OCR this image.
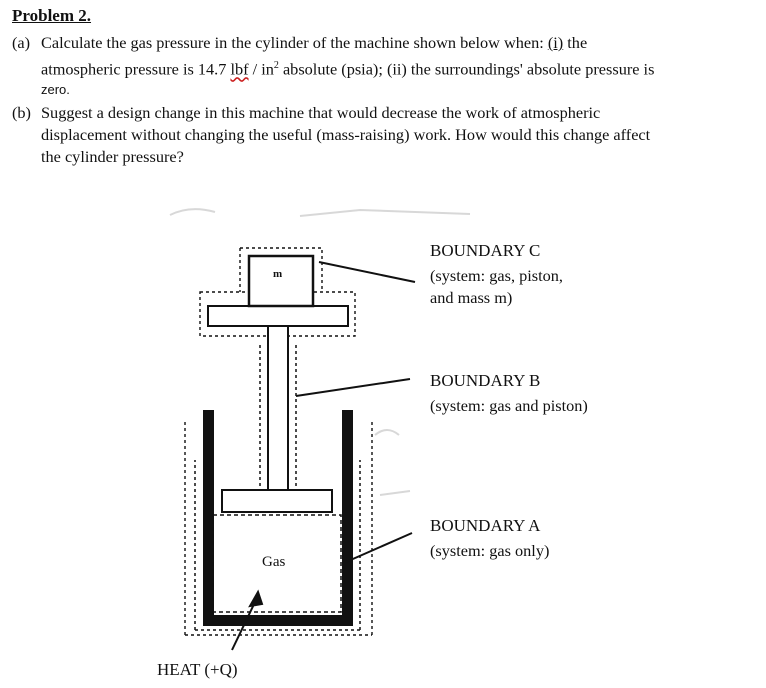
Problem 2.
(a) Calculate the gas pressure in the cylinder of the machine shown below when: (i) the
atmospheric pressure is 14.7 lbf / $in^2$ absolute (psia); (ii) the surroundings' absolute pressure is
zero.
(b) Suggest a design change in this machine that would decrease the work of atmospheric
displacement without changing the useful (mass-raising) work. How would this change affect
the cylinder pressure?
m
Gas
HEAT (+Q)
BOUNDARY C
(system: gas, piston,
and mass m)
BOUNDARY B
(system: gas and piston)
BOUNDARY A
(system: gas only)
